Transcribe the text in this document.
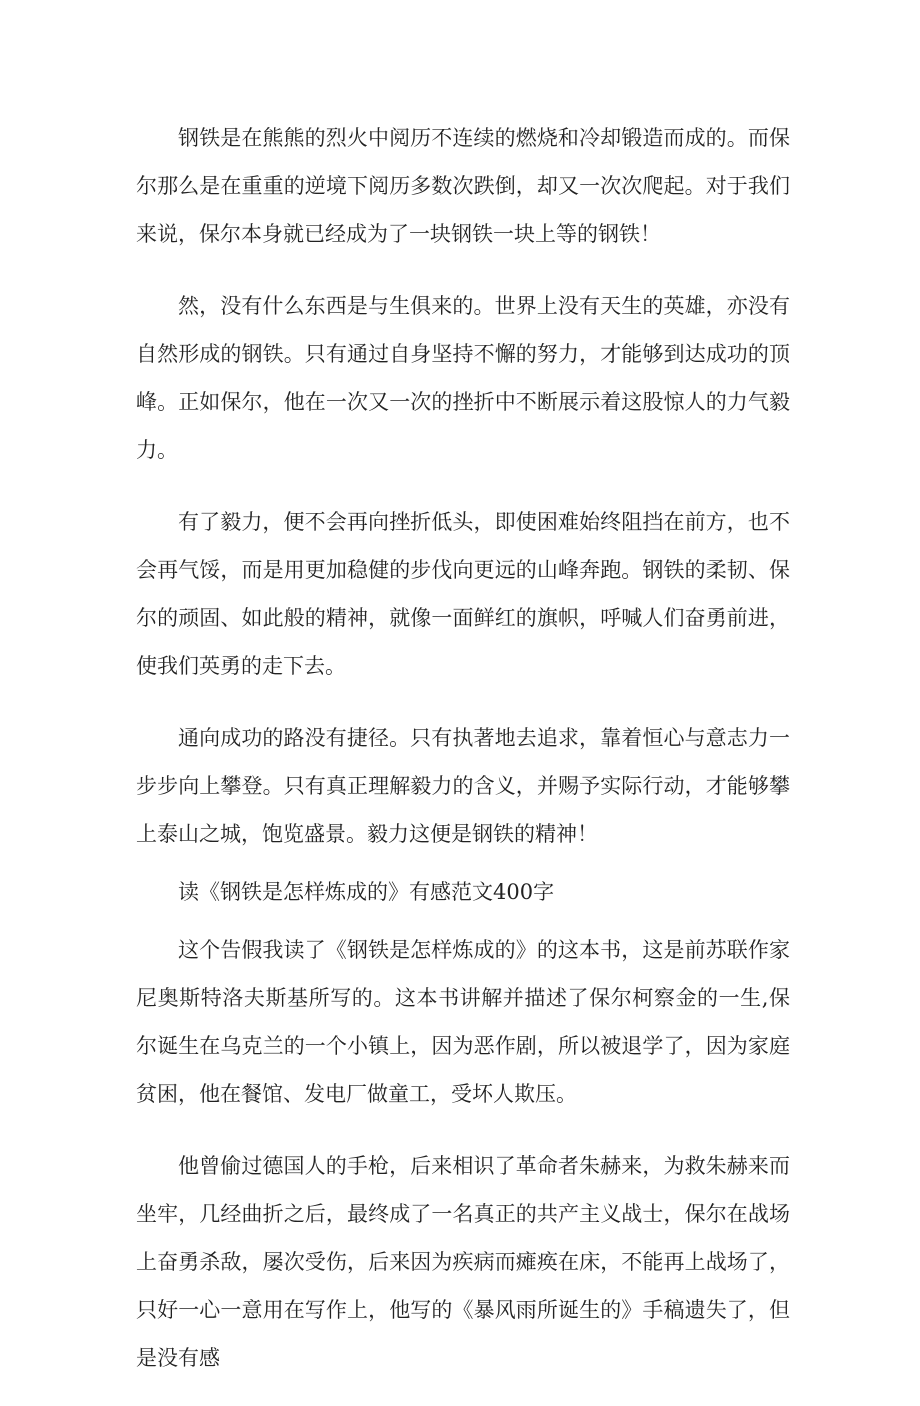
钢铁是在熊熊的烈火中阅历不连续的燃烧和冷却锻造而成的。而保尔那么是在重重的逆境下阅历多数次跌倒，却又一次次爬起。对于我们来说，保尔本身就已经成为了一块钢铁一块上等的钢铁！

然，没有什么东西是与生俱来的。世界上没有天生的英雄，亦没有自然形成的钢铁。只有通过自身坚持不懈的努力，才能够到达成功的顶峰。正如保尔，他在一次又一次的挫折中不断展示着这股惊人的力气毅力。

有了毅力，便不会再向挫折低头，即使困难始终阻挡在前方，也不会再气馁，而是用更加稳健的步伐向更远的山峰奔跑。钢铁的柔韧、保尔的顽固、如此般的精神，就像一面鲜红的旗帜，呼喊人们奋勇前进，使我们英勇的走下去。

通向成功的路没有捷径。只有执著地去追求，靠着恒心与意志力一步步向上攀登。只有真正理解毅力的含义，并赐予实际行动，才能够攀上泰山之城，饱览盛景。毅力这便是钢铁的精神！

读《钢铁是怎样炼成的》有感范文400字

这个告假我读了《钢铁是怎样炼成的》的这本书，这是前苏联作家尼奥斯特洛夫斯基所写的。这本书讲解并描述了保尔柯察金的一生,保尔诞生在乌克兰的一个小镇上，因为恶作剧，所以被退学了，因为家庭贫困，他在餐馆、发电厂做童工，受坏人欺压。

他曾偷过德国人的手枪，后来相识了革命者朱赫来，为救朱赫来而坐牢，几经曲折之后，最终成了一名真正的共产主义战士，保尔在战场上奋勇杀敌，屡次受伤，后来因为疾病而瘫痪在床，不能再上战场了，只好一心一意用在写作上，他写的《暴风雨所诞生的》手稿遗失了，但是没有感
